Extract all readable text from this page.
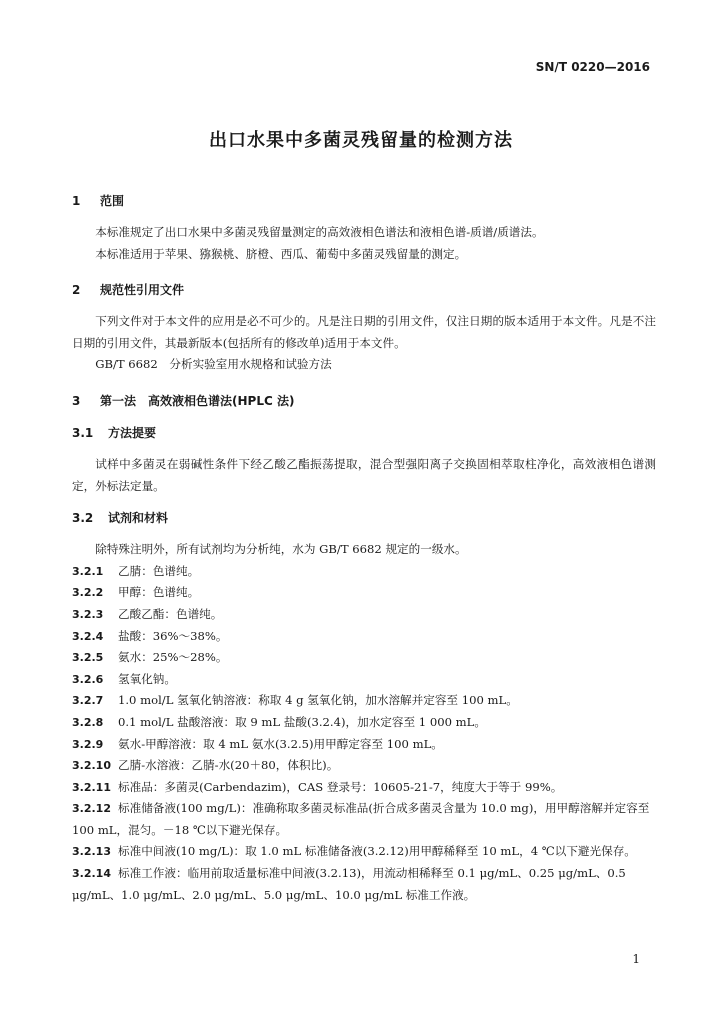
SN/T 0220—2016
出口水果中多菌灵残留量的检测方法
1 范围

本标准规定了出口水果中多菌灵残留量测定的高效液相色谱法和液相色谱-质谱/质谱法。

本标准适用于苹果、猕猴桃、脐橙、西瓜、葡萄中多菌灵残留量的测定。

2 规范性引用文件

下列文件对于本文件的应用是必不可少的。凡是注日期的引用文件，仅注日期的版本适用于本文件。凡是不注日期的引用文件，其最新版本(包括所有的修改单)适用于本文件。

GB/T 6682　分析实验室用水规格和试验方法

3 第一法　高效液相色谱法(HPLC 法)
3.1 方法提要

试样中多菌灵在弱碱性条件下经乙酸乙酯振荡提取，混合型强阳离子交换固相萃取柱净化，高效液相色谱测定，外标法定量。

3.2 试剂和材料

除特殊注明外，所有试剂均为分析纯，水为 GB/T 6682 规定的一级水。

3.2.1 乙腈：色谱纯。

3.2.2 甲醇：色谱纯。

3.2.3 乙酸乙酯：色谱纯。

3.2.4 盐酸：36%～38%。

3.2.5 氨水：25%～28%。

3.2.6 氢氧化钠。

3.2.7 1.0 mol/L 氢氧化钠溶液：称取 4 g 氢氧化钠，加水溶解并定容至 100 mL。

3.2.8 0.1 mol/L 盐酸溶液：取 9 mL 盐酸(3.2.4)，加水定容至 1 000 mL。

3.2.9 氨水-甲醇溶液：取 4 mL 氨水(3.2.5)用甲醇定容至 100 mL。

3.2.10 乙腈-水溶液：乙腈-水(20＋80，体积比)。

3.2.11 标准品：多菌灵(Carbendazim)，CAS 登录号：10605-21-7，纯度大于等于 99%。

3.2.12 标准储备液(100 mg/L)：准确称取多菌灵标准品(折合成多菌灵含量为 10.0 mg)，用甲醇溶解并定容至 100 mL，混匀。－18 ℃以下避光保存。

3.2.13 标准中间液(10 mg/L)：取 1.0 mL 标准储备液(3.2.12)用甲醇稀释至 10 mL，4 ℃以下避光保存。

3.2.14 标准工作液：临用前取适量标准中间液(3.2.13)，用流动相稀释至 0.1 μg/mL、0.25 μg/mL、0.5 μg/mL、1.0 μg/mL、2.0 μg/mL、5.0 μg/mL、10.0 μg/mL 标准工作液。

1
